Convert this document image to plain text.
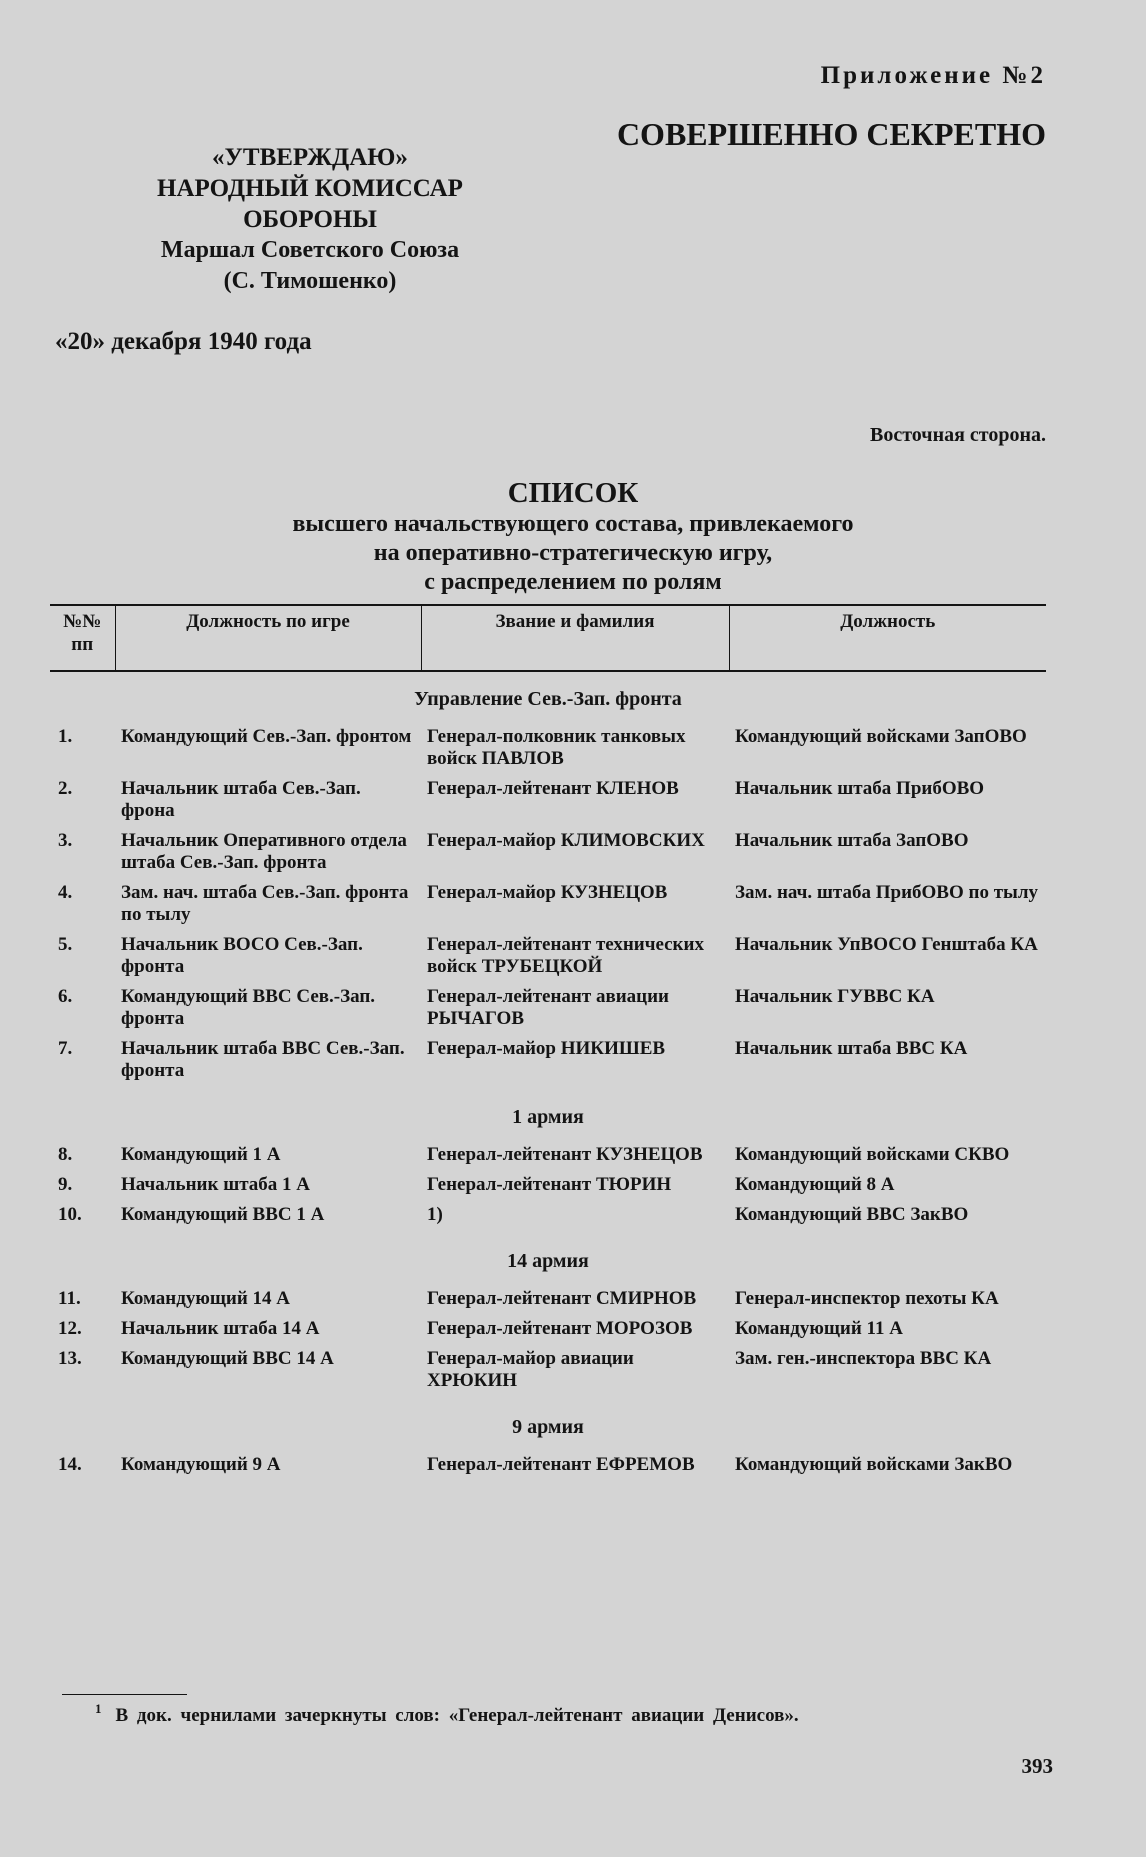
Приложение №2
СОВЕРШЕННО СЕКРЕТНО
«УТВЕРЖДАЮ»
НАРОДНЫЙ КОМИССАР
ОБОРОНЫ
Маршал Советского Союза
(С. Тимошенко)
«20» декабря 1940 года
Восточная сторона.
СПИСОК
высшего начальствующего состава, привлекаемого
на оперативно-стратегическую игру,
с распределением по ролям
№№ пп	Должность по игре	Звание и фамилия	Должность
Управление Сев.-Зап. фронта			
1.	Командующий Сев.-Зап. фронтом	Генерал-полковник танковых войск ПАВЛОВ	Командующий войсками ЗапОВО
2.	Начальник штаба Сев.-Зап. фрона	Генерал-лейтенант КЛЕНОВ	Начальник штаба ПрибОВО
3.	Начальник Оперативного отдела штаба Сев.-Зап. фронта	Генерал-майор КЛИМОВСКИХ	Начальник штаба ЗапОВО
4.	Зам. нач. штаба Сев.-Зап. фронта по тылу	Генерал-майор КУЗНЕЦОВ	Зам. нач. штаба ПрибОВО по тылу
5.	Начальник ВОСО Сев.-Зап. фронта	Генерал-лейтенант технических войск ТРУБЕЦКОЙ	Начальник УпВОСО Генштаба КА
6.	Командующий ВВС Сев.-Зап. фронта	Генерал-лейтенант авиации РЫЧАГОВ	Начальник ГУВВС КА
7.	Начальник штаба ВВС Сев.-Зап. фронта	Генерал-майор НИКИШЕВ	Начальник штаба ВВС КА
1 армия			
8.	Командующий 1 А	Генерал-лейтенант КУЗНЕЦОВ	Командующий войсками СКВО
9.	Начальник штаба 1 А	Генерал-лейтенант ТЮРИН	Командующий 8 А
10.	Командующий ВВС 1 А	1)	Командующий ВВС ЗакВО
14 армия			
11.	Командующий 14 А	Генерал-лейтенант СМИРНОВ	Генерал-инспектор пехоты КА
12.	Начальник штаба 14 А	Генерал-лейтенант МОРОЗОВ	Командующий 11 А
13.	Командующий ВВС 14 А	Генерал-майор авиации ХРЮКИН	Зам. ген.-инспектора ВВС КА
9 армия			
14.	Командующий 9 А	Генерал-лейтенант ЕФРЕМОВ	Командующий войсками ЗакВО
$^1$ В док. чернилами зачеркнуты слов: «Генерал-лейтенант авиации Денисов».
393
